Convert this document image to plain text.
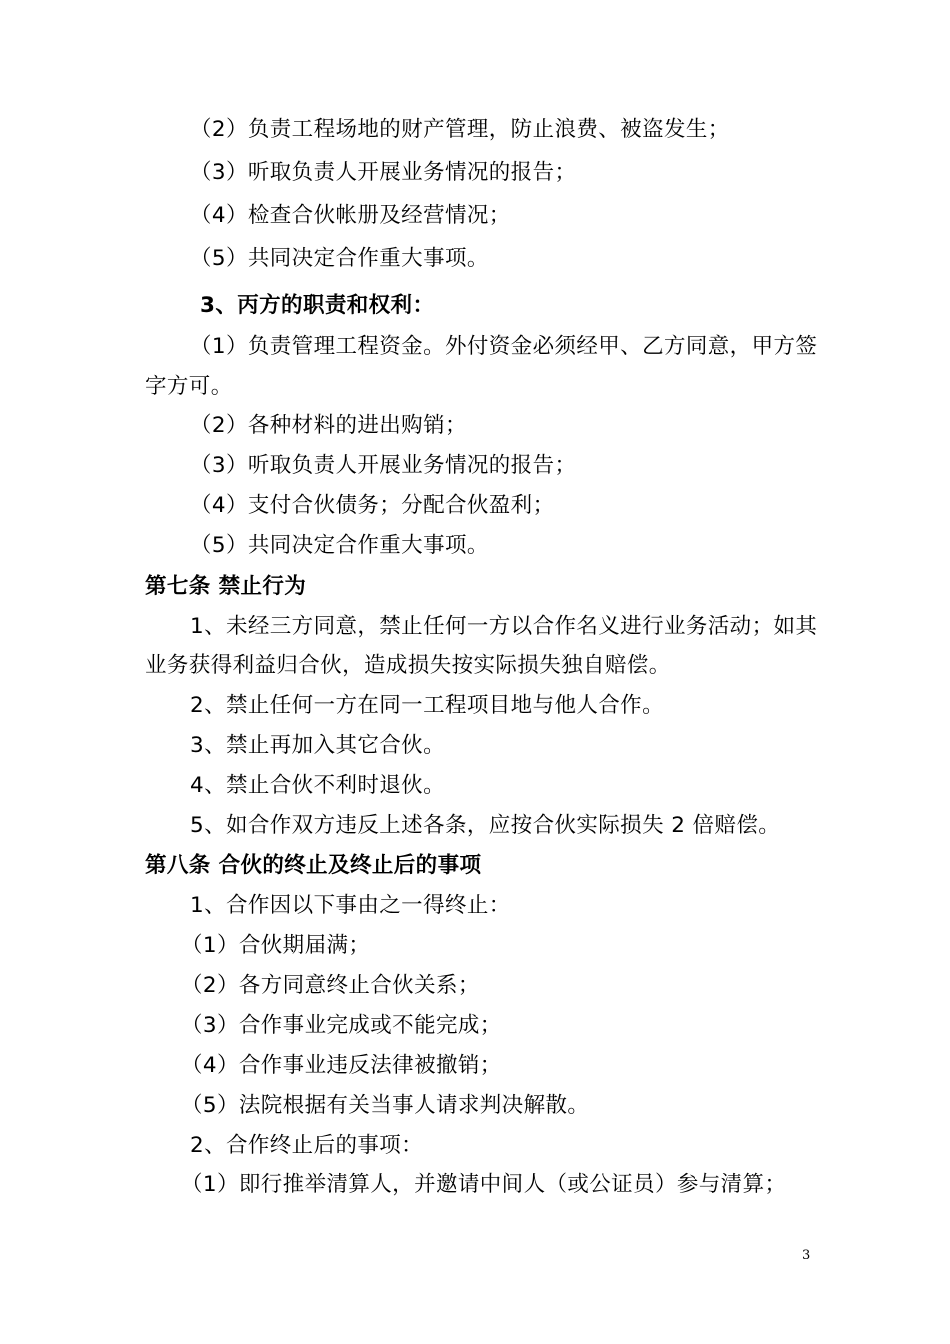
（2）负责工程场地的财产管理，防止浪费、被盗发生；
（3）听取负责人开展业务情况的报告；
（4）检查合伙帐册及经营情况；
（5）共同决定合作重大事项。
3、丙方的职责和权利：
（1）负责管理工程资金。外付资金必须经甲、乙方同意，甲方签
字方可。
（2）各种材料的进出购销；
（3）听取负责人开展业务情况的报告；
（4）支付合伙债务；分配合伙盈利；
（5）共同决定合作重大事项。
第七条 禁止行为
1、未经三方同意，禁止任何一方以合作名义进行业务活动；如其
业务获得利益归合伙，造成损失按实际损失独自赔偿。
2、禁止任何一方在同一工程项目地与他人合作。
3、禁止再加入其它合伙。
4、禁止合伙不利时退伙。
5、如合作双方违反上述各条，应按合伙实际损失 2 倍赔偿。
第八条 合伙的终止及终止后的事项
1、合作因以下事由之一得终止：
（1）合伙期届满；
（2）各方同意终止合伙关系；
（3）合作事业完成或不能完成；
（4）合作事业违反法律被撤销；
（5）法院根据有关当事人请求判决解散。
2、合作终止后的事项：
（1）即行推举清算人，并邀请中间人（或公证员）参与清算；
3
